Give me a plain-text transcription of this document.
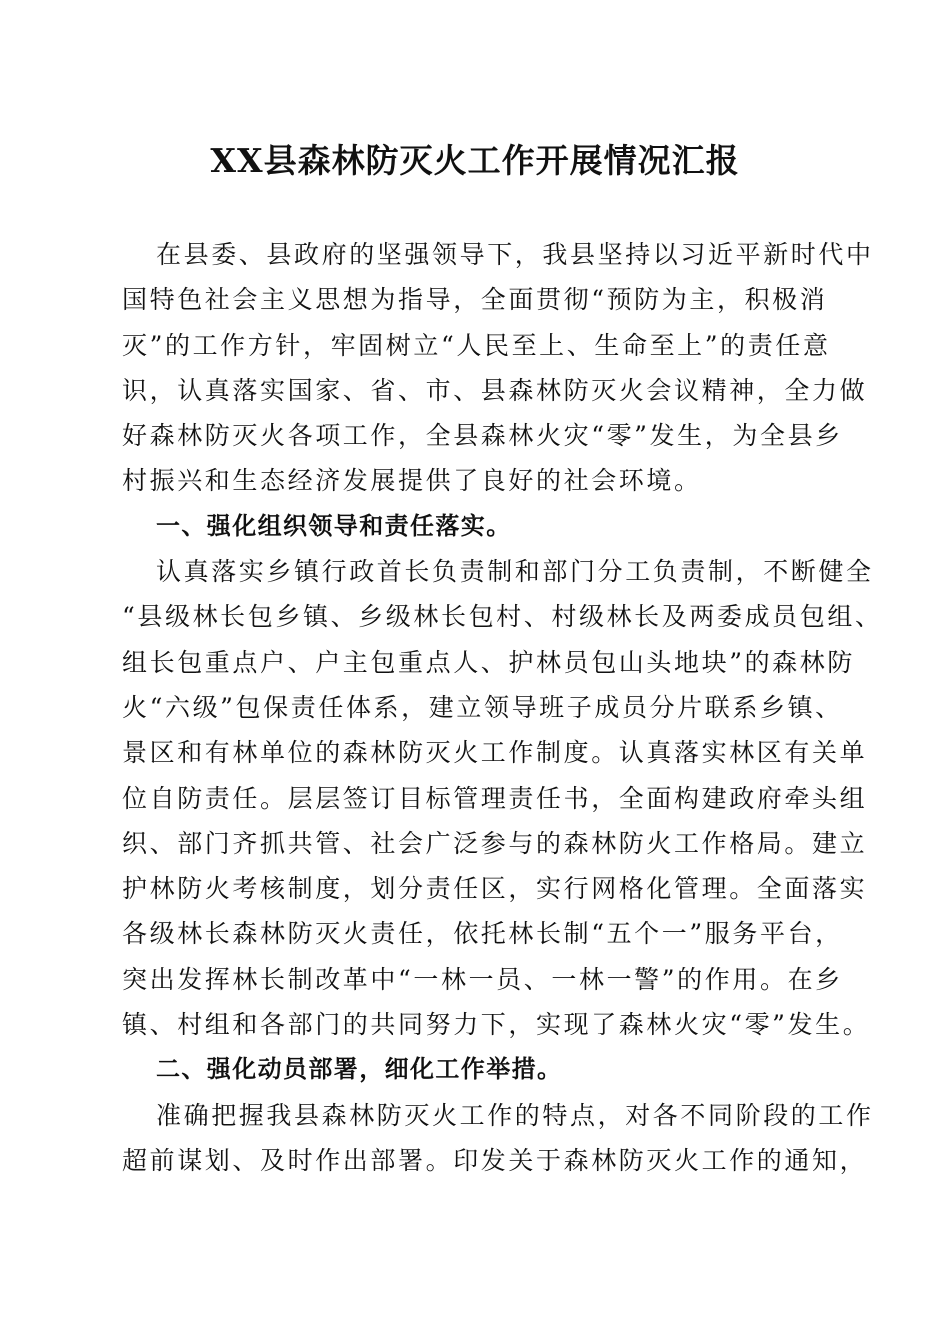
XX县森林防灭火工作开展情况汇报
在县委、县政府的坚强领导下，我县坚持以习近平新时代中
国特色社会主义思想为指导，全面贯彻“预防为主，积极消
灭”的工作方针，牢固树立“人民至上、生命至上”的责任意
识，认真落实国家、省、市、县森林防灭火会议精神，全力做
好森林防灭火各项工作，全县森林火灾“零”发生，为全县乡
村振兴和生态经济发展提供了良好的社会环境。
一、强化组织领导和责任落实。
认真落实乡镇行政首长负责制和部门分工负责制，不断健全
“县级林长包乡镇、乡级林长包村、村级林长及两委成员包组、
组长包重点户、户主包重点人、护林员包山头地块”的森林防
火“六级”包保责任体系，建立领导班子成员分片联系乡镇、
景区和有林单位的森林防灭火工作制度。认真落实林区有关单
位自防责任。层层签订目标管理责任书，全面构建政府牵头组
织、部门齐抓共管、社会广泛参与的森林防火工作格局。建立
护林防火考核制度，划分责任区，实行网格化管理。全面落实
各级林长森林防灭火责任，依托林长制“五个一”服务平台，
突出发挥林长制改革中“一林一员、一林一警”的作用。在乡
镇、村组和各部门的共同努力下，实现了森林火灾“零”发生。
二、强化动员部署，细化工作举措。
准确把握我县森林防灭火工作的特点，对各不同阶段的工作
超前谋划、及时作出部署。印发关于森林防灭火工作的通知，
